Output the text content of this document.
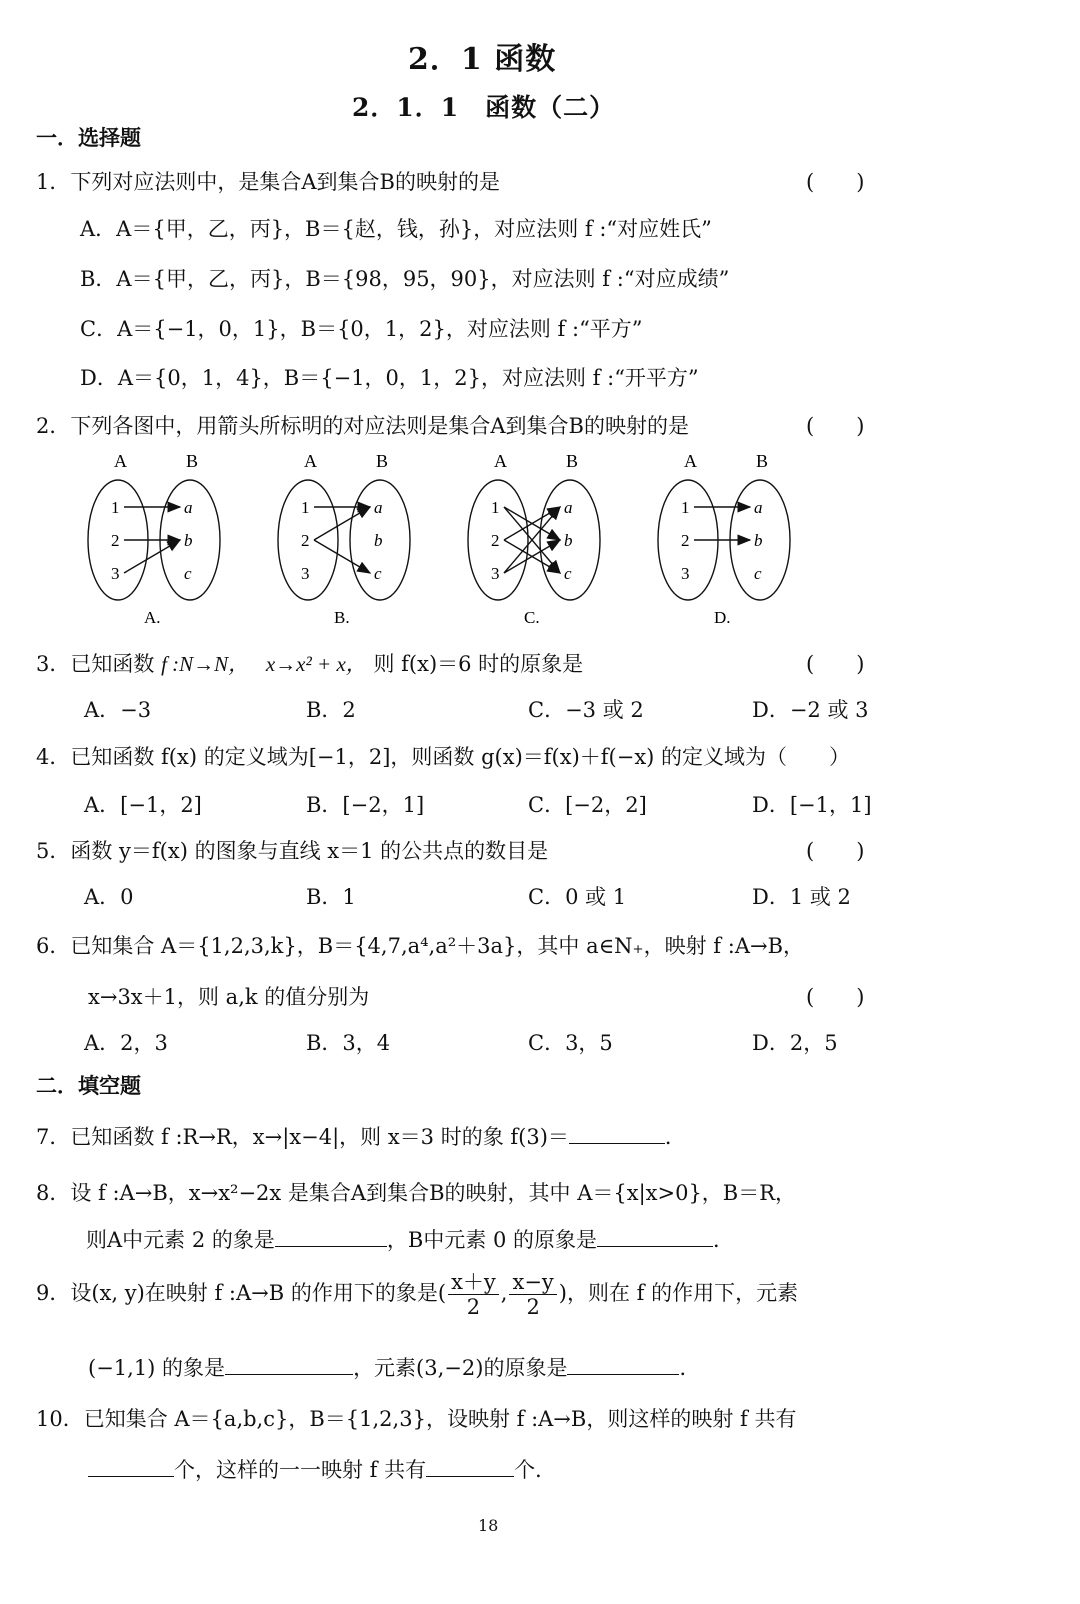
2．1 函数
2．1．1　函数（二）
一．选择题
1．下列对应法则中，是集合A到集合B的映射的是	(　　)
A．A＝{甲，乙，丙}，B＝{赵，钱，孙}，对应法则 f :“对应姓氏”
B．A＝{甲，乙，丙}，B＝{98，95，90}，对应法则 f :“对应成绩”
C．A＝{−1，0，1}，B＝{0，1，2}，对应法则 f :“平方”
D．A＝{0，1，4}，B＝{−1，0，1，2}，对应法则 f :“开平方”
2．下列各图中，用箭头所标明的对应法则是集合A到集合B的映射的是	(　　)
A	B
1
2
3
a
b
c
A.
A	B
1
2
3
a
b
c
B.
A	B
1
2
3
a
b
c
C.
A	B
1
2
3
a
b
c
D.
3．已知函数 f :N→N， x→x² + x， 则 f(x)＝6 时的原象是	(　　)
A．−3	B．2	C．−3 或 2	D．−2 或 3
4．已知函数 f(x) 的定义域为[−1，2]，则函数 g(x)＝f(x)＋f(−x) 的定义域为（　　）
A．[−1，2]	B．[−2，1]	C．[−2，2]	D．[−1，1]
5．函数 y＝f(x) 的图象与直线 x＝1 的公共点的数目是	(　　)
A．0	B．1	C．0 或 1	D．1 或 2
6．已知集合 A＝{1,2,3,k}，B＝{4,7,a⁴,a²＋3a}，其中 a∈N₊，映射 f :A→B，
x→3x＋1，则 a,k 的值分别为	(　　)
A．2，3	B．3，4	C．3，5	D．2，5
二．填空题
7．已知函数 f :R→R，x→|x−4|，则 x＝3 时的象 f(3)＝	．
8．设 f :A→B，x→x²−2x 是集合A到集合B的映射，其中 A＝{x|x>0}，B＝R，
则A中元素 2 的象是	，B中元素 0 的原象是	．
9．设(x, y)在映射 f :A→B 的作用下的象是( $\frac{x+y}{2}$ , $\frac{x-y}{2}$ )，则在 f 的作用下，元素
(−1,1) 的象是	，元素(3,−2)的原象是	．
10．已知集合 A＝{a,b,c}，B＝{1,2,3}，设映射 f :A→B，则这样的映射 f 共有
个，这样的一一映射 f 共有	个．
18
